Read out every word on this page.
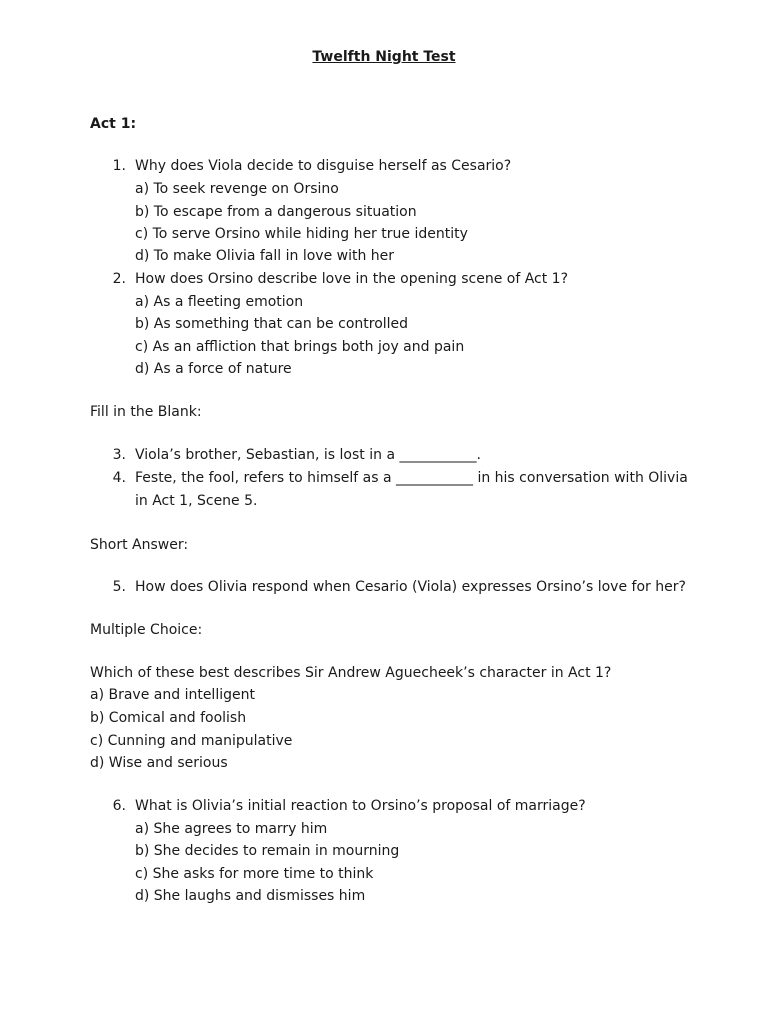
Twelfth Night Test
Act 1:
1. Why does Viola decide to disguise herself as Cesario?
a) To seek revenge on Orsino
b) To escape from a dangerous situation
c) To serve Orsino while hiding her true identity
d) To make Olivia fall in love with her
2. How does Orsino describe love in the opening scene of Act 1?
a) As a fleeting emotion
b) As something that can be controlled
c) As an affliction that brings both joy and pain
d) As a force of nature
Fill in the Blank:
3. Viola’s brother, Sebastian, is lost in a ___________.
4. Feste, the fool, refers to himself as a ___________ in his conversation with Olivia
in Act 1, Scene 5.
Short Answer:
5. How does Olivia respond when Cesario (Viola) expresses Orsino’s love for her?
Multiple Choice:
Which of these best describes Sir Andrew Aguecheek’s character in Act 1?
a) Brave and intelligent
b) Comical and foolish
c) Cunning and manipulative
d) Wise and serious
6. What is Olivia’s initial reaction to Orsino’s proposal of marriage?
a) She agrees to marry him
b) She decides to remain in mourning
c) She asks for more time to think
d) She laughs and dismisses him
